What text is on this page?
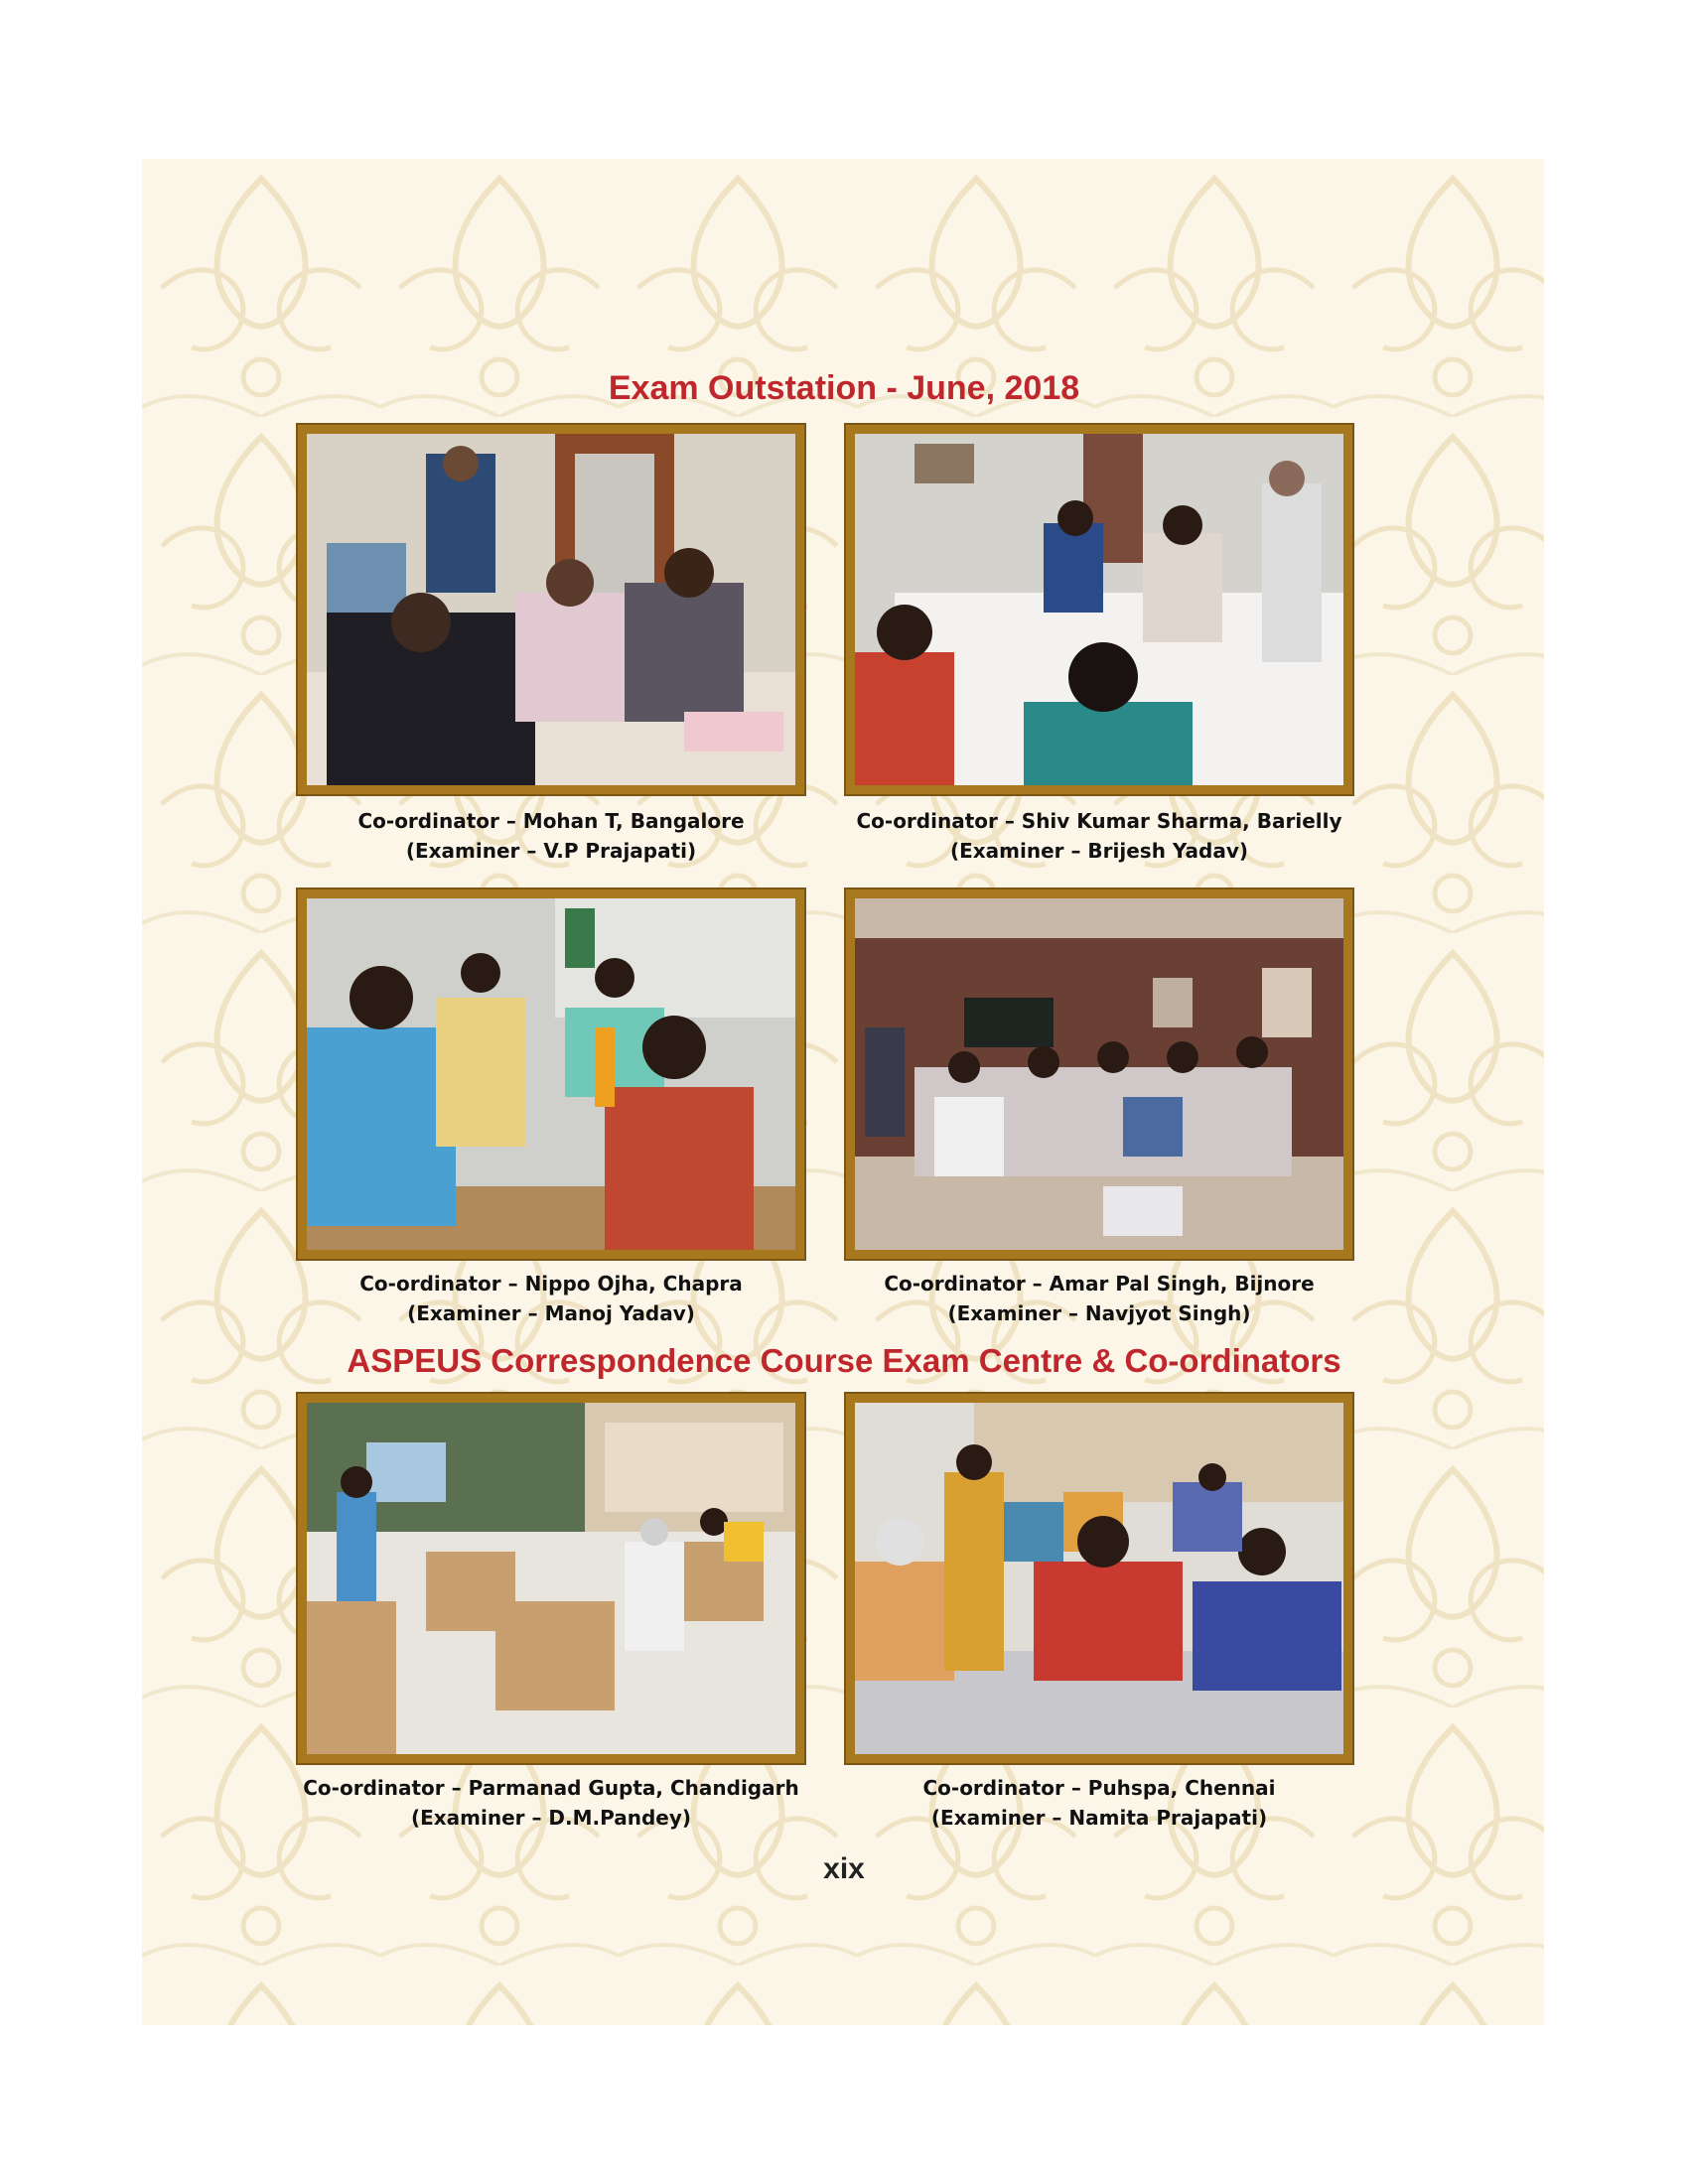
Exam Outstation - June, 2018
Co-ordinator – Mohan T, Bangalore
(Examiner – V.P Prajapati)
Co-ordinator – Shiv Kumar Sharma, Barielly
(Examiner – Brijesh Yadav)
Co-ordinator – Nippo Ojha, Chapra
(Examiner – Manoj Yadav)
Co-ordinator – Amar Pal Singh, Bijnore
(Examiner – Navjyot Singh)
ASPEUS Correspondence Course Exam Centre & Co-ordinators
Co-ordinator – Parmanad Gupta, Chandigarh
(Examiner – D.M.Pandey)
Co-ordinator – Puhspa, Chennai
(Examiner – Namita Prajapati)
xix
